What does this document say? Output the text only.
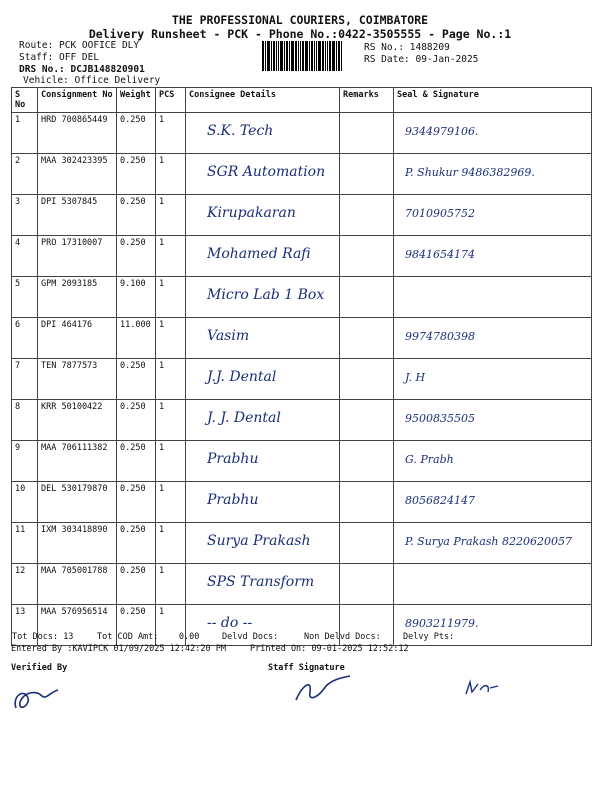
THE PROFESSIONAL COURIERS, COIMBATORE
Delivery Runsheet - PCK - Phone No.:0422-3505555 - Page No.:1
Route: PCK OOFICE DLY
Staff: OFF DEL
DRS No.: DCJB148820901
Vehicle: Office Delivery
RS No.: 1488209
RS Date: 09-Jan-2025
S No	Consignment No	Weight	PCS	Consignee Details	Remarks	Seal & Signature
1	HRD 700865449	0.250	1	S.K. Tech		9344979106.

2	MAA 302423395	0.250	1	SGR Automation		P. Shukur 9486382969.

3	DPI 5307845	0.250	1	Kirupakaran		7010905752

4	PRO 17310007	0.250	1	Mohamed Rafi		9841654174

5	GPM 2093185	9.100	1	Micro Lab 1 Box		

6	DPI 464176	11.000	1	Vasim		9974780398

7	TEN 7877573	0.250	1	J.J. Dental		J. H

8	KRR 50100422	0.250	1	J. J. Dental		9500835505

9	MAA 706111382	0.250	1	Prabhu		G. Prabh

10	DEL 530179870	0.250	1	Prabhu		8056824147

11	IXM 303418890	0.250	1	Surya Prakash		P. Surya Prakash 8220620057

12	MAA 705001788	0.250	1	SPS Transform		

13	MAA 576956514	0.250	1	-- do --		8903211979.
Tot Docs: 13	Tot COD Amt: 0.00	Delvd Docs:	Non Delvd Docs:	Delvy Pts:
Entered By :KAVIPCK 01/09/2025 12:42:20 PM	Printed On: 09-01-2025 12:52:12
Verified By	Staff Signature
